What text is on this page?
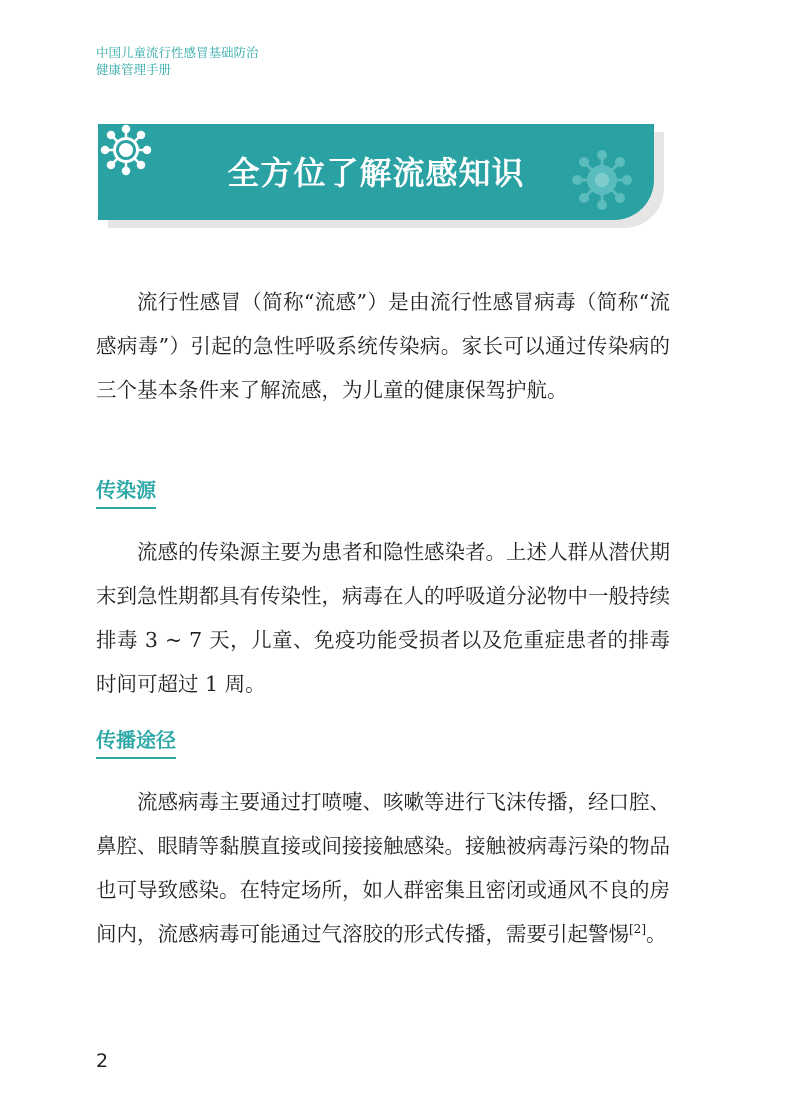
中国儿童流行性感冒基础防治
健康管理手册
全方位了解流感知识

流行性感冒（简称“流感”）是由流行性感冒病毒（简称“流感病毒”）引起的急性呼吸系统传染病。家长可以通过传染病的三个基本条件来了解流感，为儿童的健康保驾护航。

传染源

流感的传染源主要为患者和隐性感染者。上述人群从潜伏期末到急性期都具有传染性，病毒在人的呼吸道分泌物中一般持续排毒 3 ~ 7 天，儿童、免疫功能受损者以及危重症患者的排毒时间可超过 1 周。

传播途径

流感病毒主要通过打喷嚏、咳嗽等进行飞沫传播，经口腔、鼻腔、眼睛等黏膜直接或间接接触感染。接触被病毒污染的物品也可导致感染。在特定场所，如人群密集且密闭或通风不良的房间内，流感病毒可能通过气溶胶的形式传播，需要引起警惕[2]。

2
